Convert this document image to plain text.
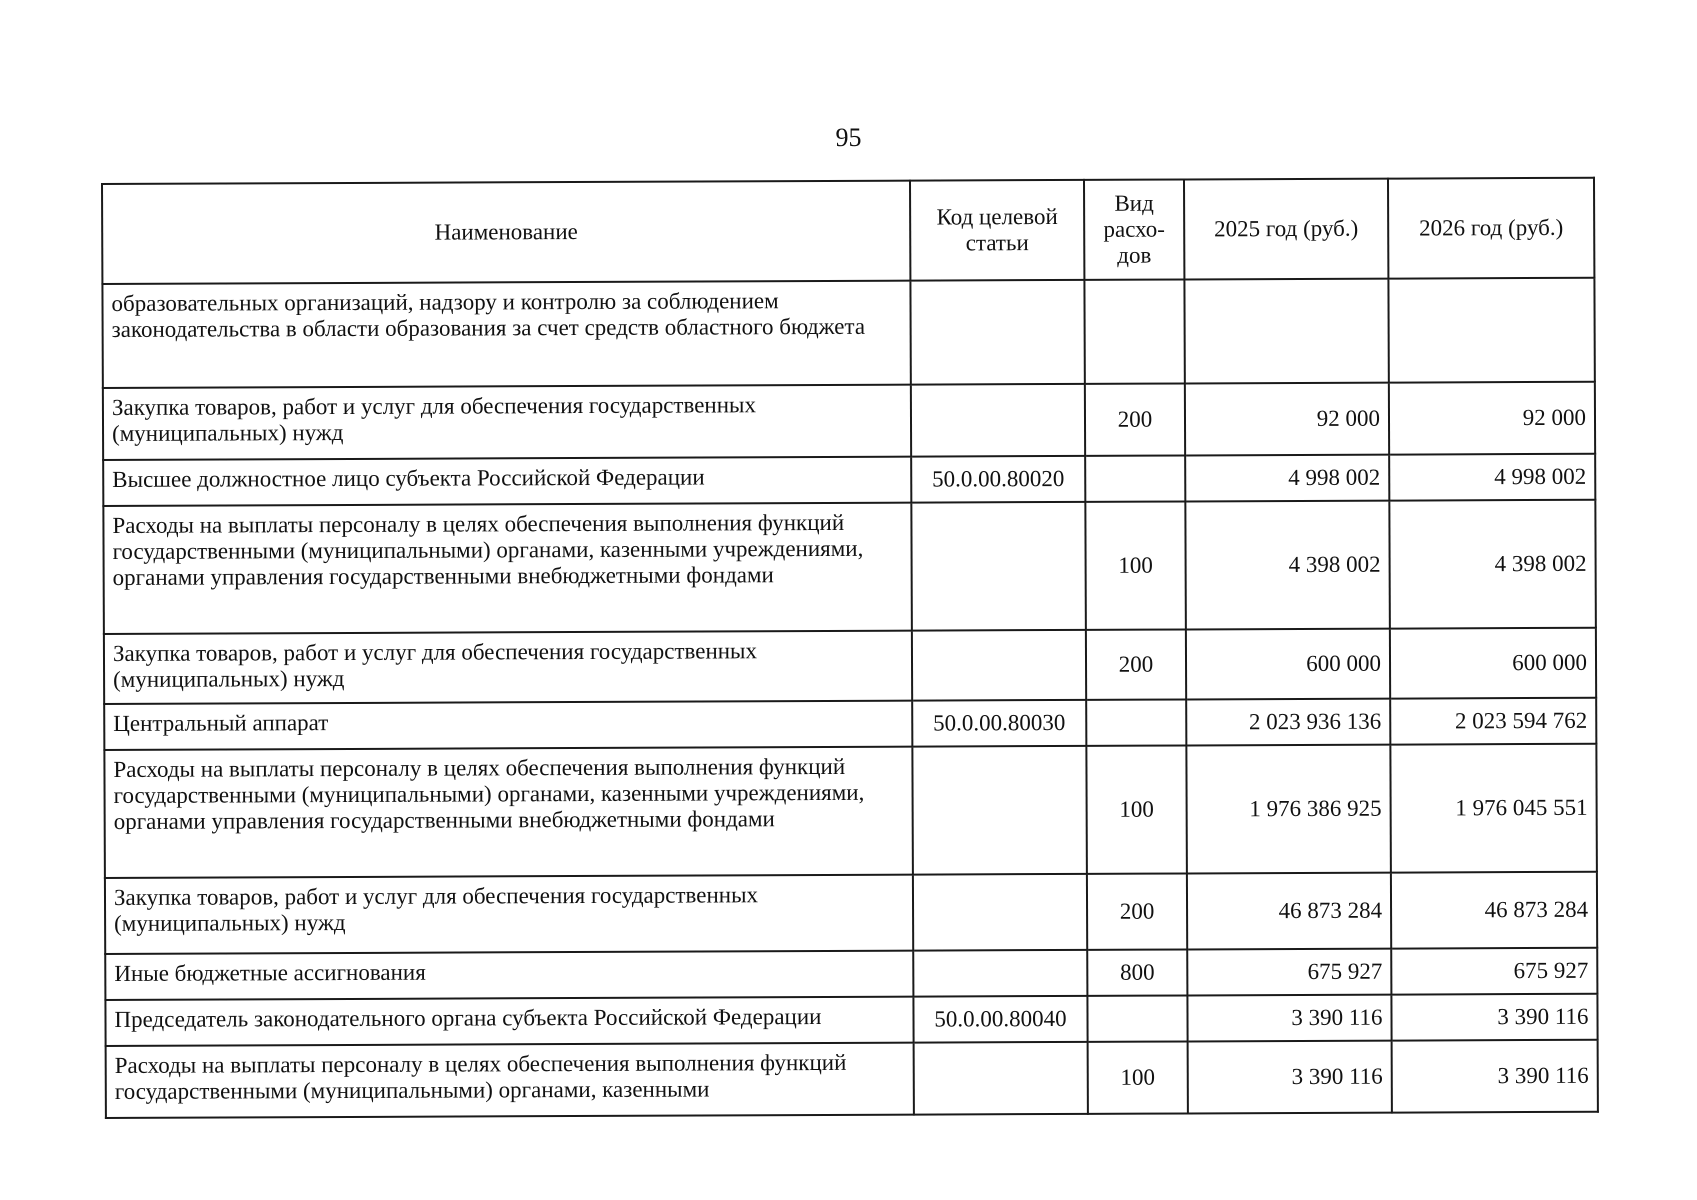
95
Наименование	Код целевой статьи	Вид расхо-дов	2025 год (руб.)	2026 год (руб.)
образовательных организаций, надзору и контролю за соблюдением законодательства в области образования за счет средств областного бюджета				
Закупка товаров, работ и услуг для обеспечения государственных (муниципальных) нужд		200	92 000	92 000
Высшее должностное лицо субъекта Российской Федерации	50.0.00.80020		4 998 002	4 998 002
Расходы на выплаты персоналу в целях обеспечения выполнения функций государственными (муниципальными) органами, казенными учреждениями, органами управления государственными внебюджетными фондами		100	4 398 002	4 398 002
Закупка товаров, работ и услуг для обеспечения государственных (муниципальных) нужд		200	600 000	600 000
Центральный аппарат	50.0.00.80030		2 023 936 136	2 023 594 762
Расходы на выплаты персоналу в целях обеспечения выполнения функций государственными (муниципальными) органами, казенными учреждениями, органами управления государственными внебюджетными фондами		100	1 976 386 925	1 976 045 551
Закупка товаров, работ и услуг для обеспечения государственных (муниципальных) нужд		200	46 873 284	46 873 284
Иные бюджетные ассигнования		800	675 927	675 927
Председатель законодательного органа субъекта Российской Федерации	50.0.00.80040		3 390 116	3 390 116
Расходы на выплаты персоналу в целях обеспечения выполнения функций государственными (муниципальными) органами, казенными		100	3 390 116	3 390 116
